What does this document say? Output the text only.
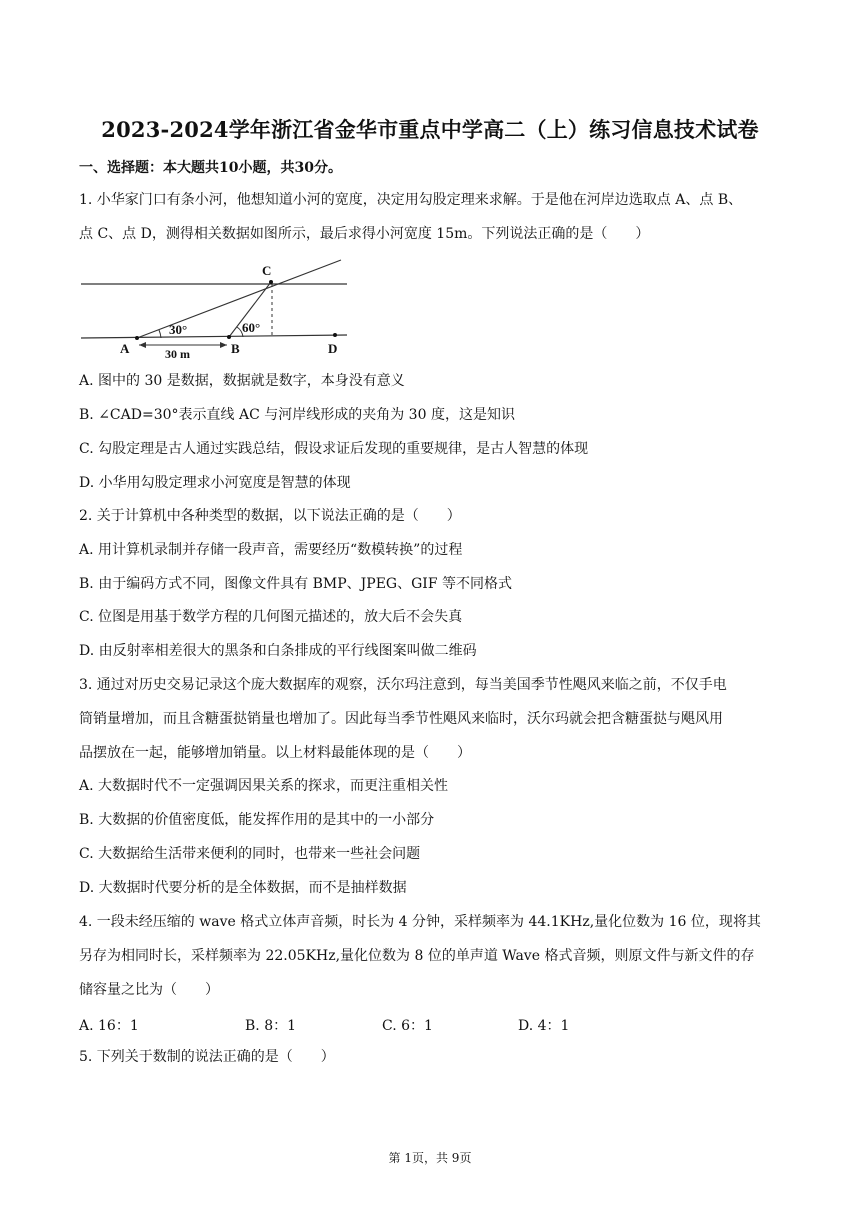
2023-2024学年浙江省金华市重点中学高二（上）练习信息技术试卷
一、选择题：本大题共10小题，共30分。
1. 小华家门口有条小河，他想知道小河的宽度，决定用勾股定理来求解。于是他在河岸边选取点 A、点 B、
点 C、点 D，测得相关数据如图所示，最后求得小河宽度 15m。下列说法正确的是（　　）
C
A	B	D
30°	60°
30 m
A. 图中的 30 是数据，数据就是数字，本身没有意义
B. ∠CAD=30°表示直线 AC 与河岸线形成的夹角为 30 度，这是知识
C. 勾股定理是古人通过实践总结，假设求证后发现的重要规律，是古人智慧的体现
D. 小华用勾股定理求小河宽度是智慧的体现
2. 关于计算机中各种类型的数据，以下说法正确的是（　　）
A. 用计算机录制并存储一段声音，需要经历“数模转换”的过程
B. 由于编码方式不同，图像文件具有 BMP、JPEG、GIF 等不同格式
C. 位图是用基于数学方程的几何图元描述的，放大后不会失真
D. 由反射率相差很大的黑条和白条排成的平行线图案叫做二维码
3. 通过对历史交易记录这个庞大数据库的观察，沃尔玛注意到，每当美国季节性飓风来临之前，不仅手电
筒销量增加，而且含糖蛋挞销量也增加了。因此每当季节性飓风来临时，沃尔玛就会把含糖蛋挞与飓风用
品摆放在一起，能够增加销量。以上材料最能体现的是（　　）
A. 大数据时代不一定强调因果关系的探求，而更注重相关性
B. 大数据的价值密度低，能发挥作用的是其中的一小部分
C. 大数据给生活带来便利的同时，也带来一些社会问题
D. 大数据时代要分析的是全体数据，而不是抽样数据
4. 一段未经压缩的 wave 格式立体声音频，时长为 4 分钟，采样频率为 44.1KHz,量化位数为 16 位，现将其
另存为相同时长，采样频率为 22.05KHz,量化位数为 8 位的单声道 Wave 格式音频，则原文件与新文件的存
储容量之比为（　　）
A. 16：1	B. 8：1	C. 6：1	D. 4：1
5. 下列关于数制的说法正确的是（　　）
第 1页，共 9页
